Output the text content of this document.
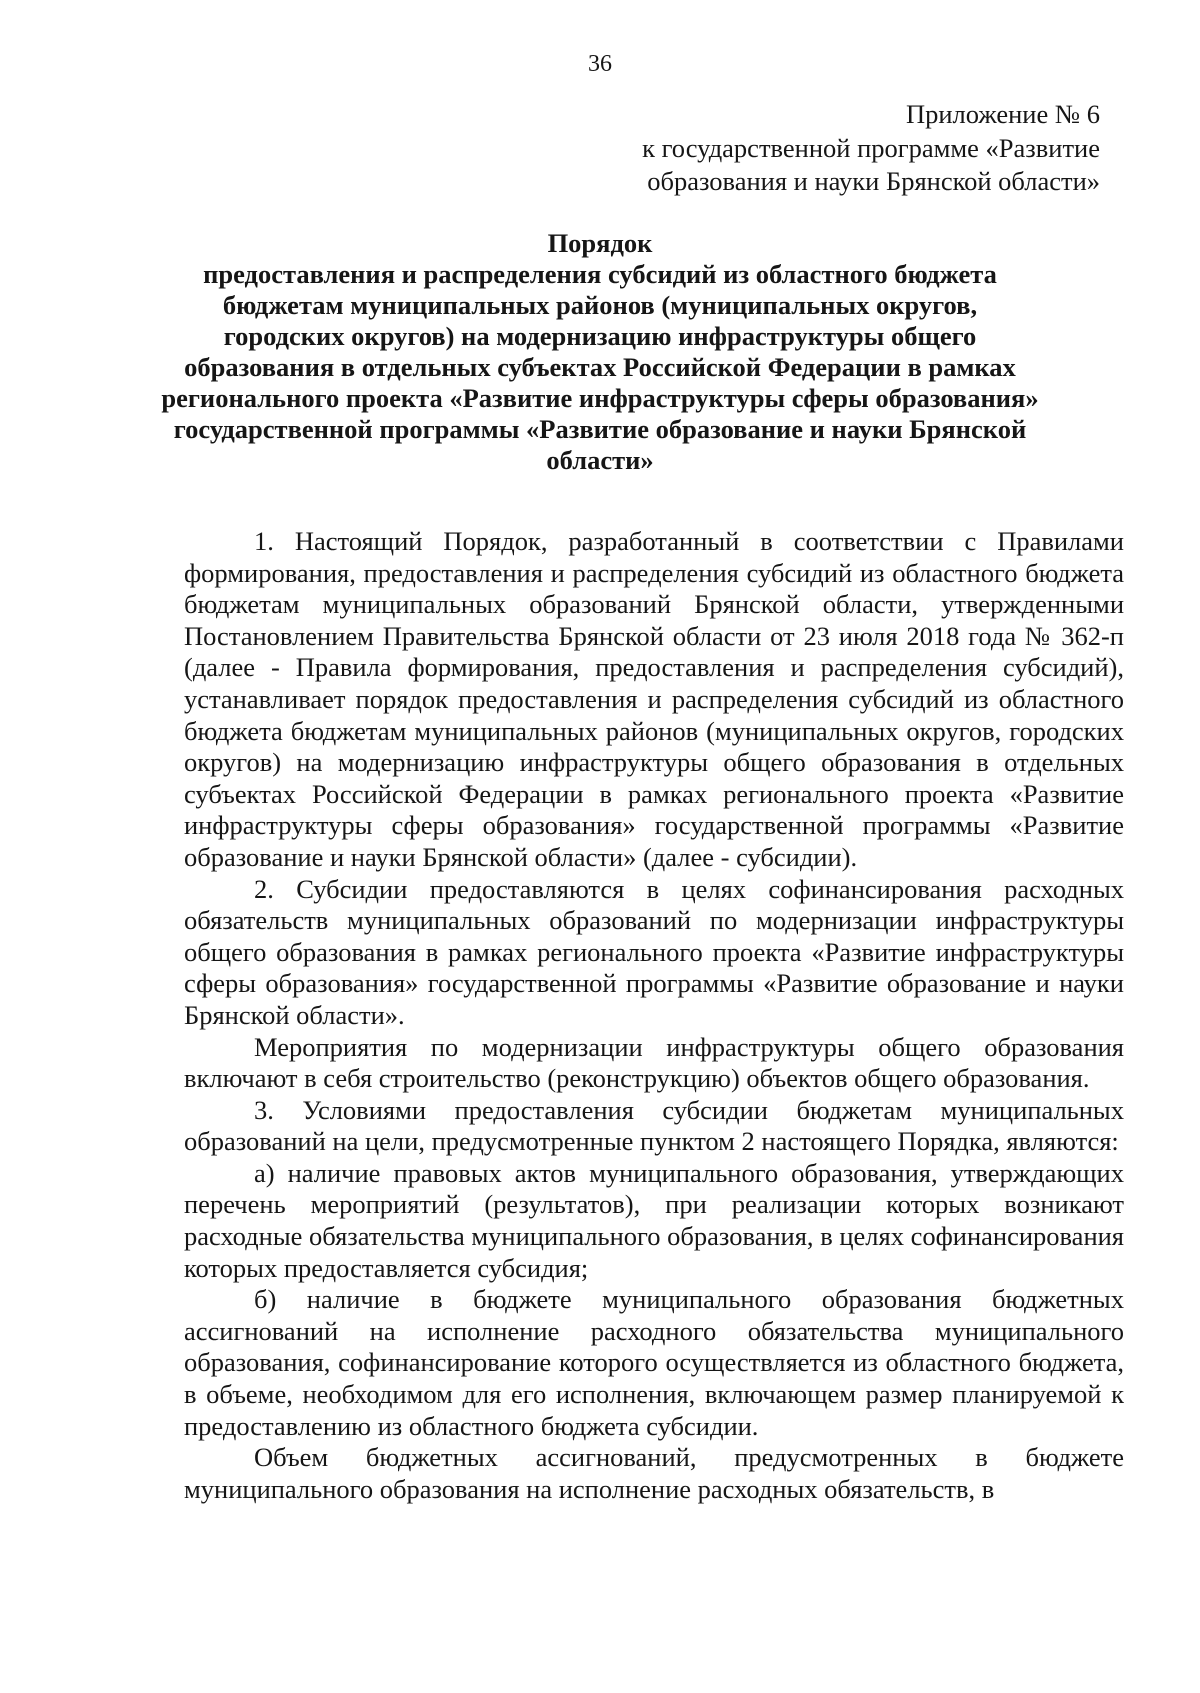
36
Приложение № 6
к государственной программе «Развитие
образования и науки Брянской области»
Порядок
предоставления и распределения субсидий из областного бюджета
бюджетам муниципальных районов (муниципальных округов,
городских округов) на модернизацию инфраструктуры общего
образования в отдельных субъектах Российской Федерации в рамках
регионального проекта «Развитие инфраструктуры сферы образования»
государственной программы «Развитие образование и науки Брянской
области»

1. Настоящий Порядок, разработанный в соответствии с Правилами формирования, предоставления и распределения субсидий из областного бюджета бюджетам муниципальных образований Брянской области, утвержденными Постановлением Правительства Брянской области от 23 июля 2018 года № 362-п (далее - Правила формирования, предоставления и распределения субсидий), устанавливает порядок предоставления и распределения субсидий из областного бюджета бюджетам муниципальных районов (муниципальных округов, городских округов) на модернизацию инфраструктуры общего образования в отдельных субъектах Российской Федерации в рамках регионального проекта «Развитие инфраструктуры сферы образования» государственной программы «Развитие образование и науки Брянской области» (далее - субсидии).

2. Субсидии предоставляются в целях софинансирования расходных обязательств муниципальных образований по модернизации инфраструктуры общего образования в рамках регионального проекта «Развитие инфраструктуры сферы образования» государственной программы «Развитие образование и науки Брянской области».

Мероприятия по модернизации инфраструктуры общего образования включают в себя строительство (реконструкцию) объектов общего образования.

3. Условиями предоставления субсидии бюджетам муниципальных образований на цели, предусмотренные пунктом 2 настоящего Порядка, являются:

а) наличие правовых актов муниципального образования, утверждающих перечень мероприятий (результатов), при реализации которых возникают расходные обязательства муниципального образования, в целях софинансирования которых предоставляется субсидия;

б) наличие в бюджете муниципального образования бюджетных ассигнований на исполнение расходного обязательства муниципального образования, софинансирование которого осуществляется из областного бюджета, в объеме, необходимом для его исполнения, включающем размер планируемой к предоставлению из областного бюджета субсидии.

Объем бюджетных ассигнований, предусмотренных в бюджете муниципального образования на исполнение расходных обязательств, в
